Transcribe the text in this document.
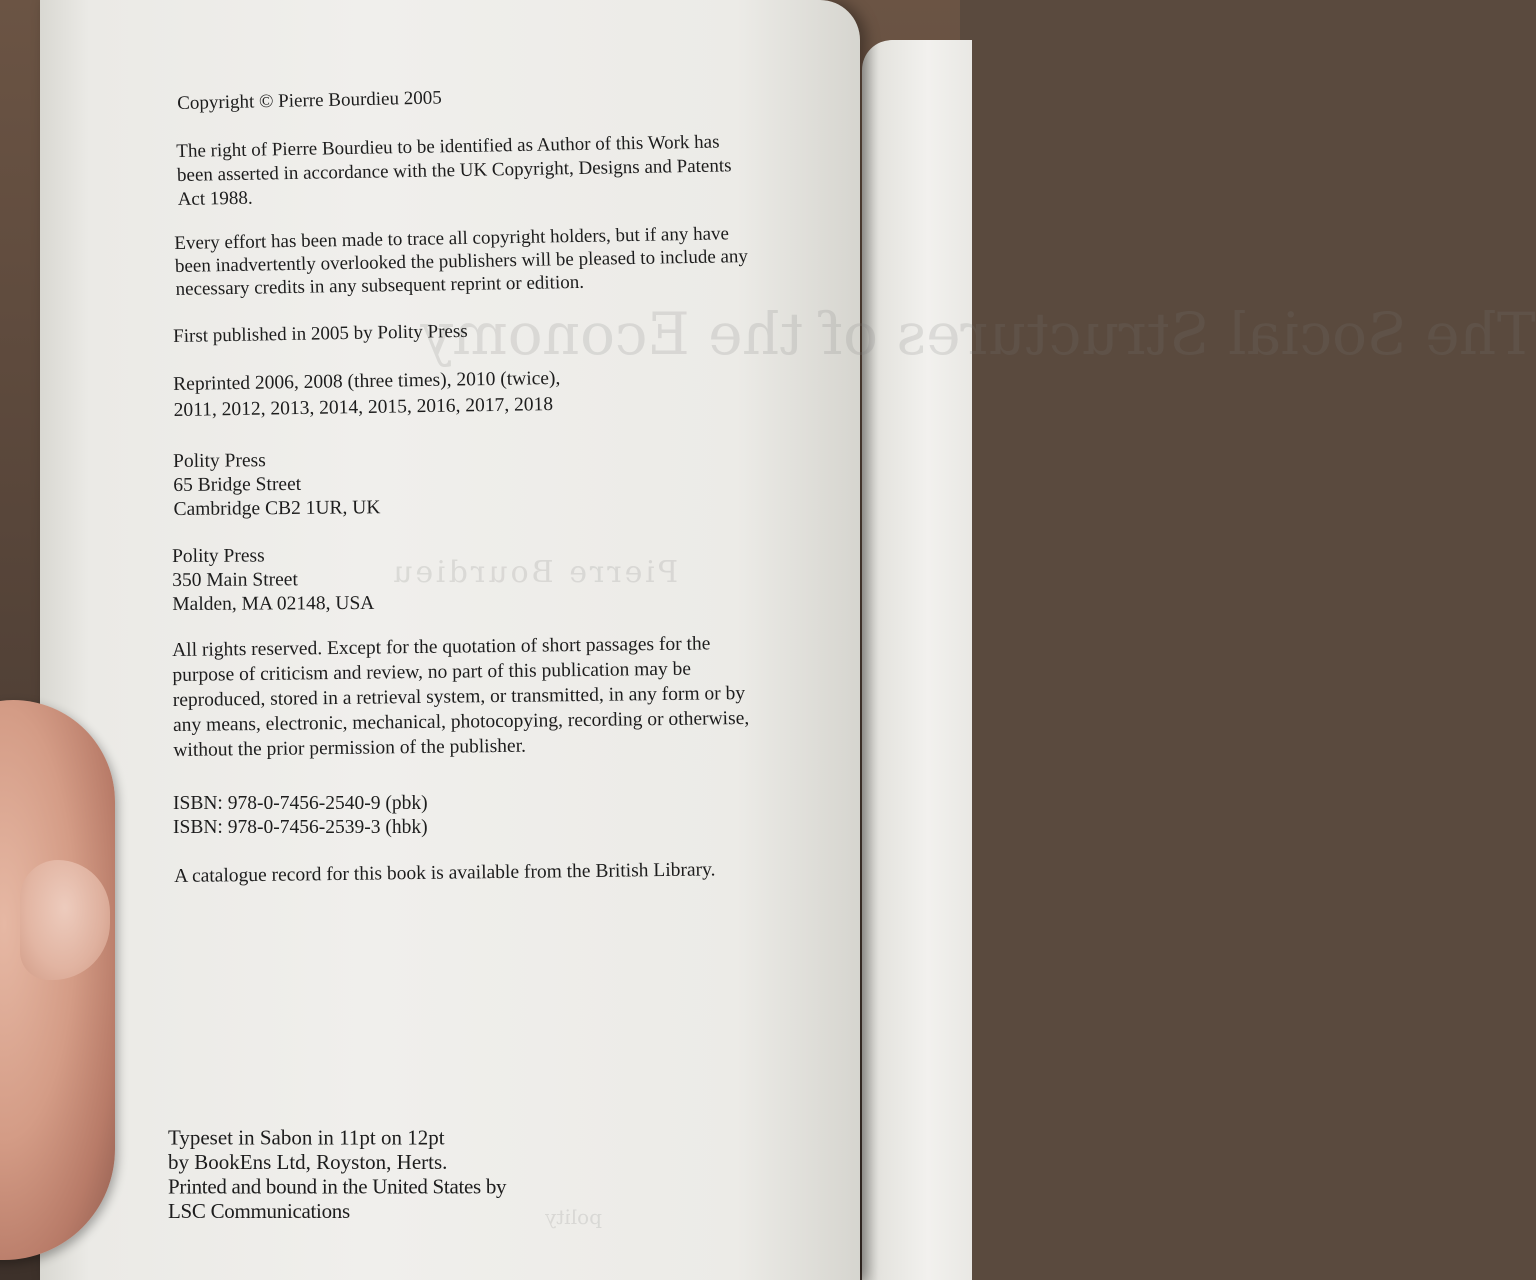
The Social Structures of the Economy
Pierre Bourdieu
polity
Copyright © Pierre Bourdieu 2005

The right of Pierre Bourdieu to be identified as Author of this Work has

been asserted in accordance with the UK Copyright, Designs and Patents

Act 1988.

Every effort has been made to trace all copyright holders, but if any have

been inadvertently overlooked the publishers will be pleased to include any

necessary credits in any subsequent reprint or edition.

First published in 2005 by Polity Press

Reprinted 2006, 2008 (three times), 2010 (twice),

2011, 2012, 2013, 2014, 2015, 2016, 2017, 2018

Polity Press

65 Bridge Street

Cambridge CB2 1UR, UK

Polity Press

350 Main Street

Malden, MA 02148, USA

All rights reserved. Except for the quotation of short passages for the

purpose of criticism and review, no part of this publication may be

reproduced, stored in a retrieval system, or transmitted, in any form or by

any means, electronic, mechanical, photocopying, recording or otherwise,

without the prior permission of the publisher.

ISBN: 978-0-7456-2540-9 (pbk)

ISBN: 978-0-7456-2539-3 (hbk)

A catalogue record for this book is available from the British Library.

Typeset in Sabon in 11pt on 12pt

by BookEns Ltd, Royston, Herts.

Printed and bound in the United States by

LSC Communications
